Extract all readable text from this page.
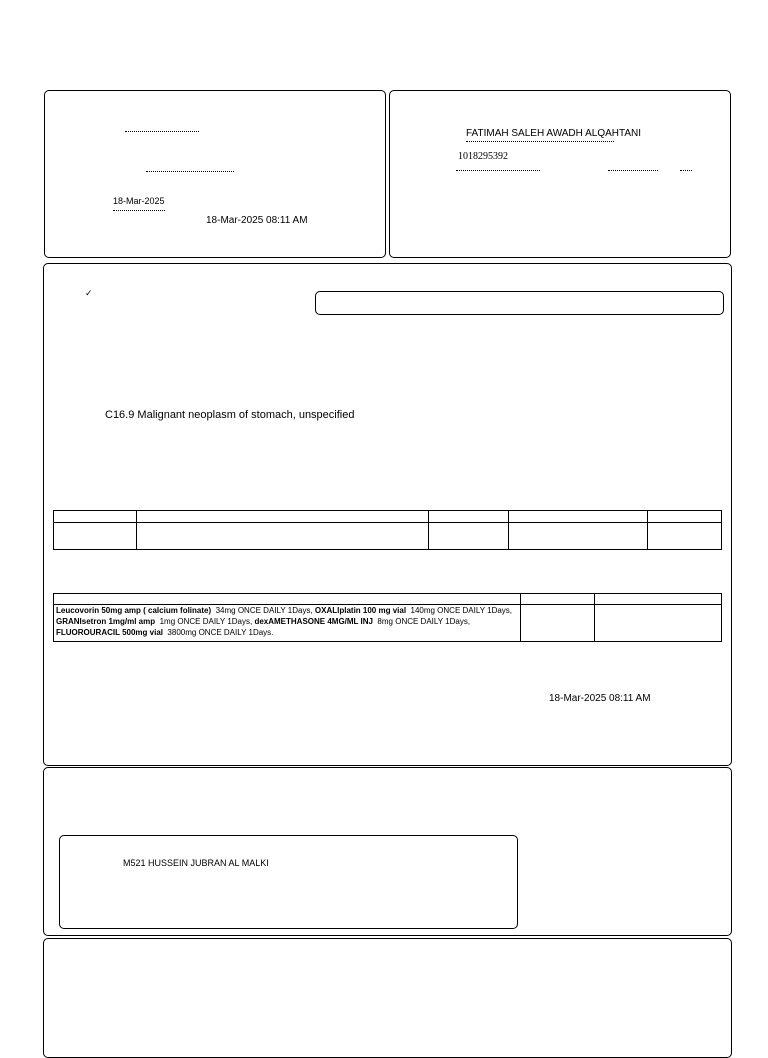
18-Mar-2025
18-Mar-2025 08:11 AM
FATIMAH SALEH AWADH ALQAHTANI
1018295392
✓
C16.9 Malignant neoplasm of stomach, unspecified

Leucovorin 50mg amp ( calcium folinate)  34mg ONCE DAILY 1Days, OXALIplatin 100 mg vial  140mg ONCE DAILY 1Days, GRANIsetron 1mg/ml amp  1mg ONCE DAILY 1Days, dexAMETHASONE 4MG/ML INJ  8mg ONCE DAILY 1Days, FLUOROURACIL 500mg vial  3800mg ONCE DAILY 1Days.		

18-Mar-2025 08:11 AM
M521 HUSSEIN JUBRAN AL MALKI
